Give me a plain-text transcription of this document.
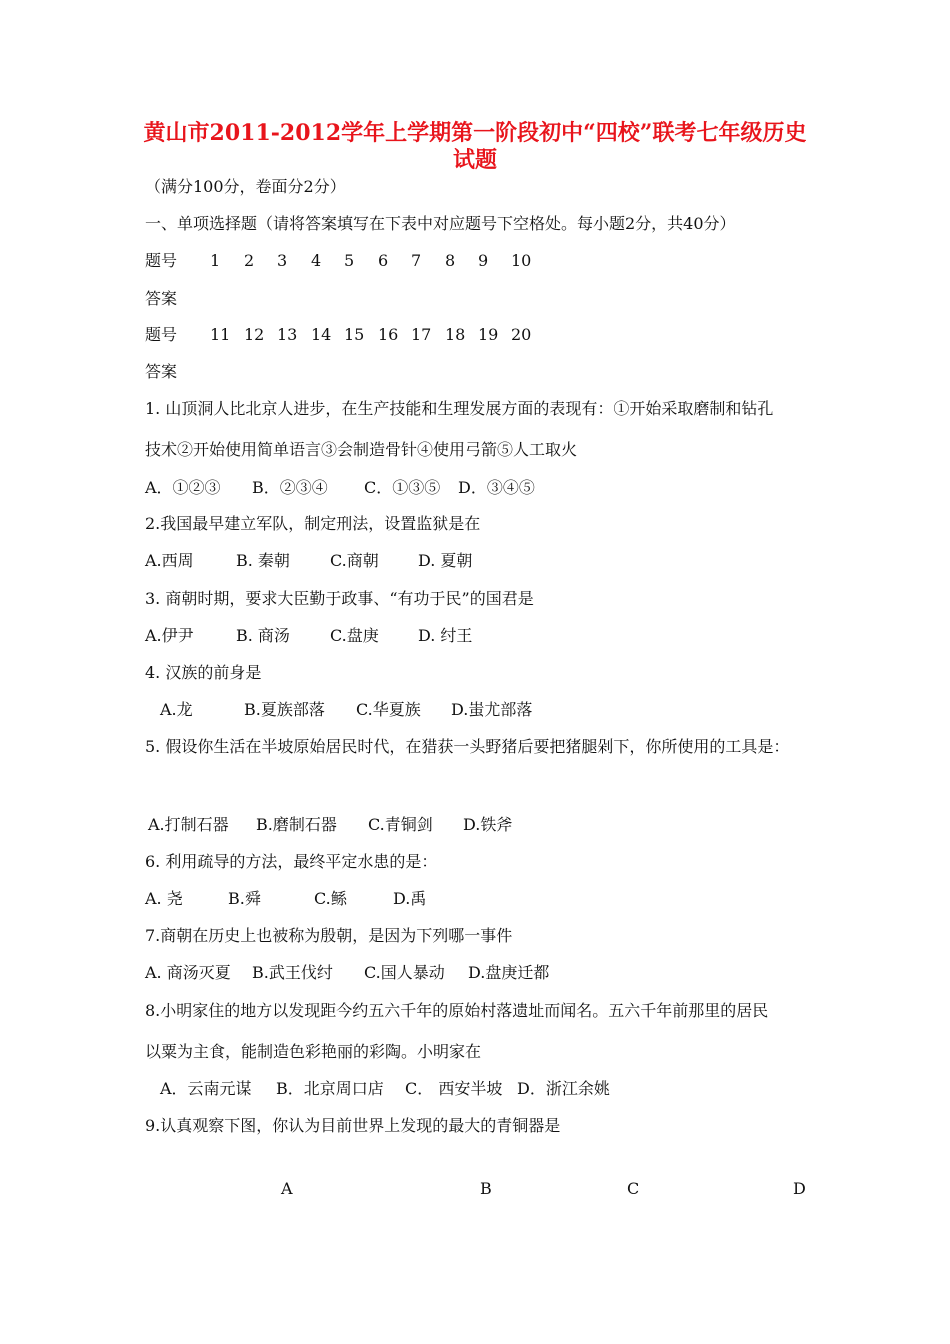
黄山市2011-2012学年上学期第一阶段初中“四校”联考七年级历史试题
（满分100分，卷面分2分）
一、单项选择题（请将答案填写在下表中对应题号下空格处。每小题2分，共40分）
题号 1 2 3 4 5 6 7 8 9 10
答案
题号 11 12 13 14 15 16 17 18 19 20
答案
1. 山顶洞人比北京人进步，在生产技能和生理发展方面的表现有：①开始采取磨制和钻孔
技术②开始使用简单语言③会制造骨针④使用弓箭⑤人工取火
A．①②③ B．②③④ C．①③⑤ D．③④⑤
2.我国最早建立军队，制定刑法，设置监狱是在
A.西周	B. 秦朝	C.商朝 D. 夏朝
3. 商朝时期，要求大臣勤于政事、“有功于民”的国君是
A.伊尹	B. 商汤	C.盘庚 D. 纣王
4. 汉族的前身是
A.龙	B.夏族部落 C.华夏族 D.蚩尤部落
5. 假设你生活在半坡原始居民时代，在猎获一头野猪后要把猪腿剁下，你所使用的工具是：
A.打制石器 B.磨制石器 C.青铜剑 D.铁斧
6. 利用疏导的方法，最终平定水患的是：
A. 尧	B.舜	C.鲧	D.禹
7.商朝在历史上也被称为殷朝，是因为下列哪一事件
A. 商汤灭夏 B.武王伐纣 C.国人暴动 D.盘庚迁都
8.小明家住的地方以发现距今约五六千年的原始村落遗址而闻名。五六千年前那里的居民
以粟为主食，能制造色彩艳丽的彩陶。小明家在
A．云南元谋 B．北京周口店 C． 西安半坡 D．浙江余姚
9.认真观察下图，你认为目前世界上发现的最大的青铜器是
A	B	C	D
